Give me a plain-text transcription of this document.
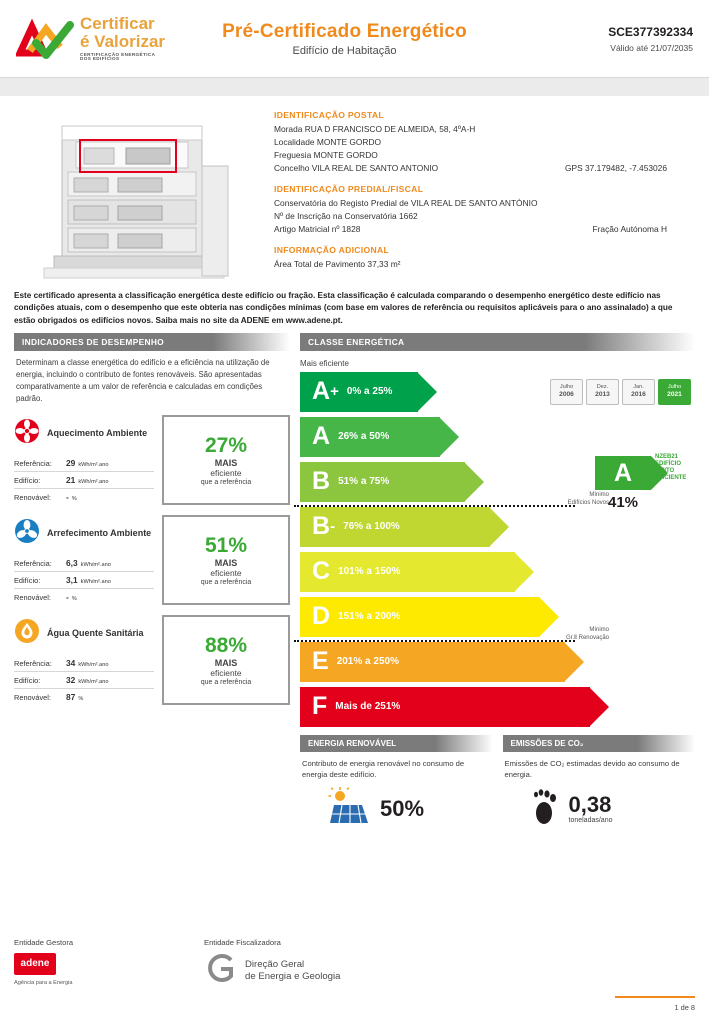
Certificar
é Valorizar
CERTIFICAÇÃO ENERGÉTICA
DOS EDIFÍCIOS
Pré-Certificado Energético
Edifício de Habitação
SCE377392334
Válido até 21/07/2035
IDENTIFICAÇÃO POSTAL
Morada RUA D FRANCISCO DE ALMEIDA, 58, 4ºA-H
Localidade MONTE GORDO
Freguesia MONTE GORDO
Concelho VILA REAL DE SANTO ANTONIO	GPS 37.179482, -7.453026
IDENTIFICAÇÃO PREDIAL/FISCAL
Conservatória do Registo Predial de VILA REAL DE SANTO ANTÓNIO
Nº de Inscrição na Conservatória 1662
Artigo Matricial nº 1828	Fração Autónoma H
INFORMAÇÃO ADICIONAL
Área Total de Pavimento 37,33 m²
Este certificado apresenta a classificação energética deste edifício ou fração. Esta classificação é calculada comparando o desempenho energético deste edifício nas condições atuais, com o desempenho que este obteria nas condições mínimas (com base em valores de referência ou requisitos aplicáveis para o ano assinalado) a que estão obrigados os edifícios novos. Saiba mais no site da ADENE em www.adene.pt.
INDICADORES DE DESEMPENHO
Determinam a classe energética do edifício e a eficiência na utilização de energia, incluindo o contributo de fontes renováveis. São apresentadas comparativamente a um valor de referência e calculadas em condições padrão.
Aquecimento Ambiente
Referência:	29 kWh/m².ano
Edifício:	21 kWh/m².ano
Renovável:	- %
27%
MAIS
eficiente
que a referência
Arrefecimento Ambiente
Referência:	6,3 kWh/m².ano
Edifício:	3,1 kWh/m².ano
Renovável:	- %
51%
MAIS
eficiente
que a referência
Água Quente Sanitária
Referência:	34 kWh/m².ano
Edifício:	32 kWh/m².ano
Renovável:	87 %
88%
MAIS
eficiente
que a referência
CLASSE ENERGÉTICA
Mais eficiente
Julho
2006
Dez.
2013
Jan.
2016
Julho
2021
A + 0% a 25%
A 26% a 50%
B 51% a 75%
B - 76% a 100%
C 101% a 150%
D 151% a 200%
E 201% a 250%
F Mais de 251%
Mínimo
Edifícios Novos
Mínimo
Gr.Ⅱ Renovação
A
NZEB21
EDIFÍCIO
MUITO
EFICIENTE
41%
ENERGIA RENOVÁVEL
Contributo de energia renovável no consumo de energia deste edifício.
50%
EMISSÕES DE CO₂
Emissões de CO₂ estimadas devido ao consumo de energia.
0,38
toneladas/ano
Entidade Gestora
adene
Agência para a Energia
Entidade Fiscalizadora
Direção Geral
de Energia e Geologia
1 de 8
